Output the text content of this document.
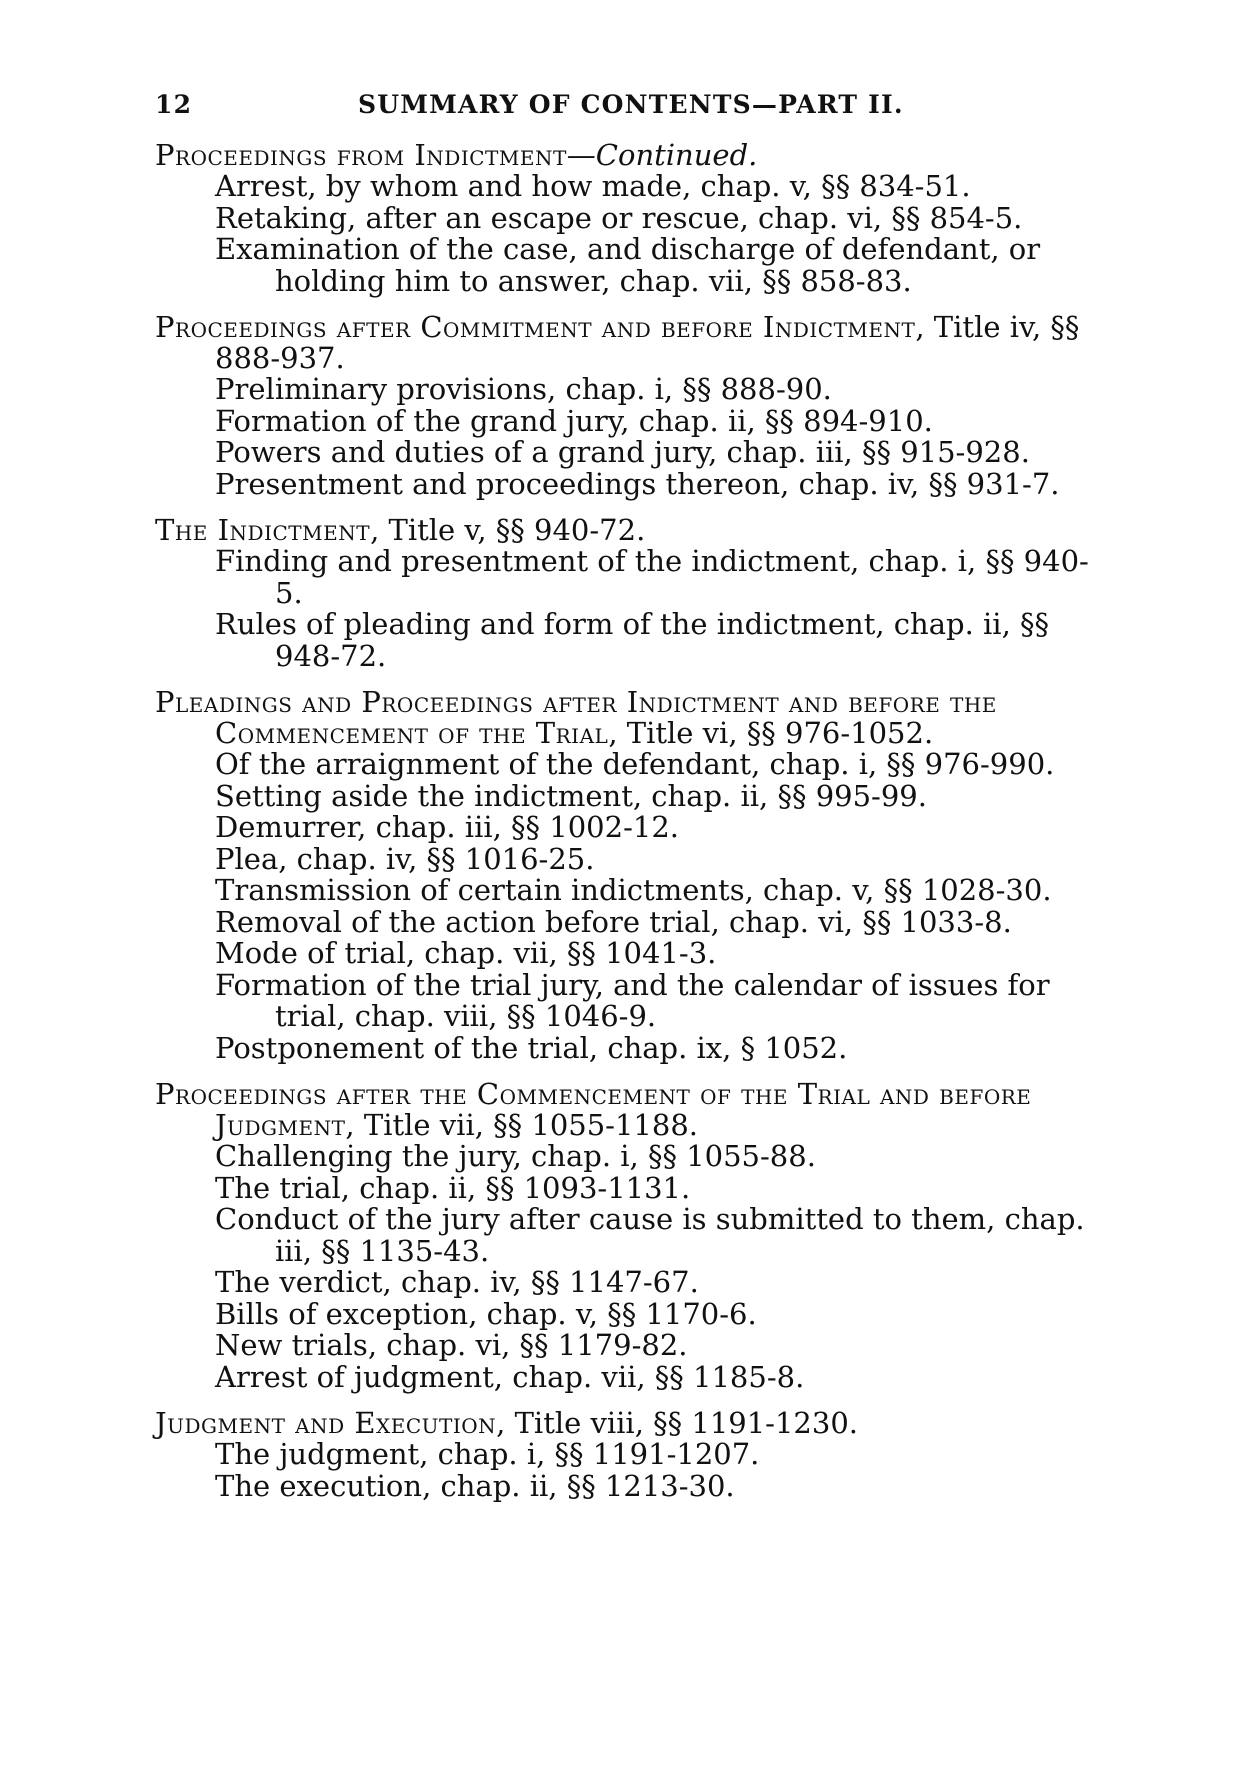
12	SUMMARY OF CONTENTS—PART II.
Proceedings from Indictment—Continued.
Arrest, by whom and how made, chap. v, §§ 834-51.
Retaking, after an escape or rescue, chap. vi, §§ 854-5.
Examination of the case, and discharge of defendant, or holding him to answer, chap. vii, §§ 858-83.
Proceedings after Commitment and before Indictment, Title iv, §§ 888-937.
Preliminary provisions, chap. i, §§ 888-90.
Formation of the grand jury, chap. ii, §§ 894-910.
Powers and duties of a grand jury, chap. iii, §§ 915-928.
Presentment and proceedings thereon, chap. iv, §§ 931-7.
The Indictment, Title v, §§ 940-72.
Finding and presentment of the indictment, chap. i, §§ 940-5.
Rules of pleading and form of the indictment, chap. ii, §§ 948-72.
Pleadings and Proceedings after Indictment and before the Commencement of the Trial, Title vi, §§ 976-1052.
Of the arraignment of the defendant, chap. i, §§ 976-990.
Setting aside the indictment, chap. ii, §§ 995-99.
Demurrer, chap. iii, §§ 1002-12.
Plea, chap. iv, §§ 1016-25.
Transmission of certain indictments, chap. v, §§ 1028-30.
Removal of the action before trial, chap. vi, §§ 1033-8.
Mode of trial, chap. vii, §§ 1041-3.
Formation of the trial jury, and the calendar of issues for trial, chap. viii, §§ 1046-9.
Postponement of the trial, chap. ix, § 1052.
Proceedings after the Commencement of the Trial and before Judgment, Title vii, §§ 1055-1188.
Challenging the jury, chap. i, §§ 1055-88.
The trial, chap. ii, §§ 1093-1131.
Conduct of the jury after cause is submitted to them, chap. iii, §§ 1135-43.
The verdict, chap. iv, §§ 1147-67.
Bills of exception, chap. v, §§ 1170-6.
New trials, chap. vi, §§ 1179-82.
Arrest of judgment, chap. vii, §§ 1185-8.
Judgment and Execution, Title viii, §§ 1191-1230.
The judgment, chap. i, §§ 1191-1207.
The execution, chap. ii, §§ 1213-30.
